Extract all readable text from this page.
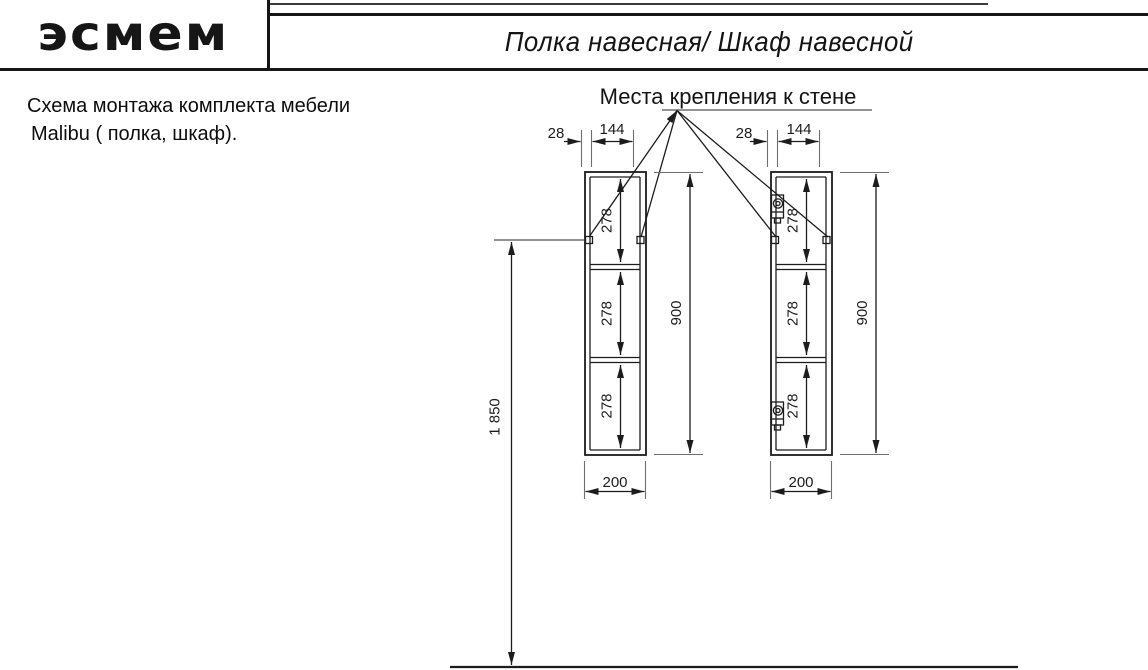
эсмем	Полка навесная/ Шкаф навесной
Схема монтажа комплекта мебели
Malibu ( полка, шкаф).
Места крепления к стене
28 144
278
278
278
900
200
28 144
278
278
278
900
200
1 850
